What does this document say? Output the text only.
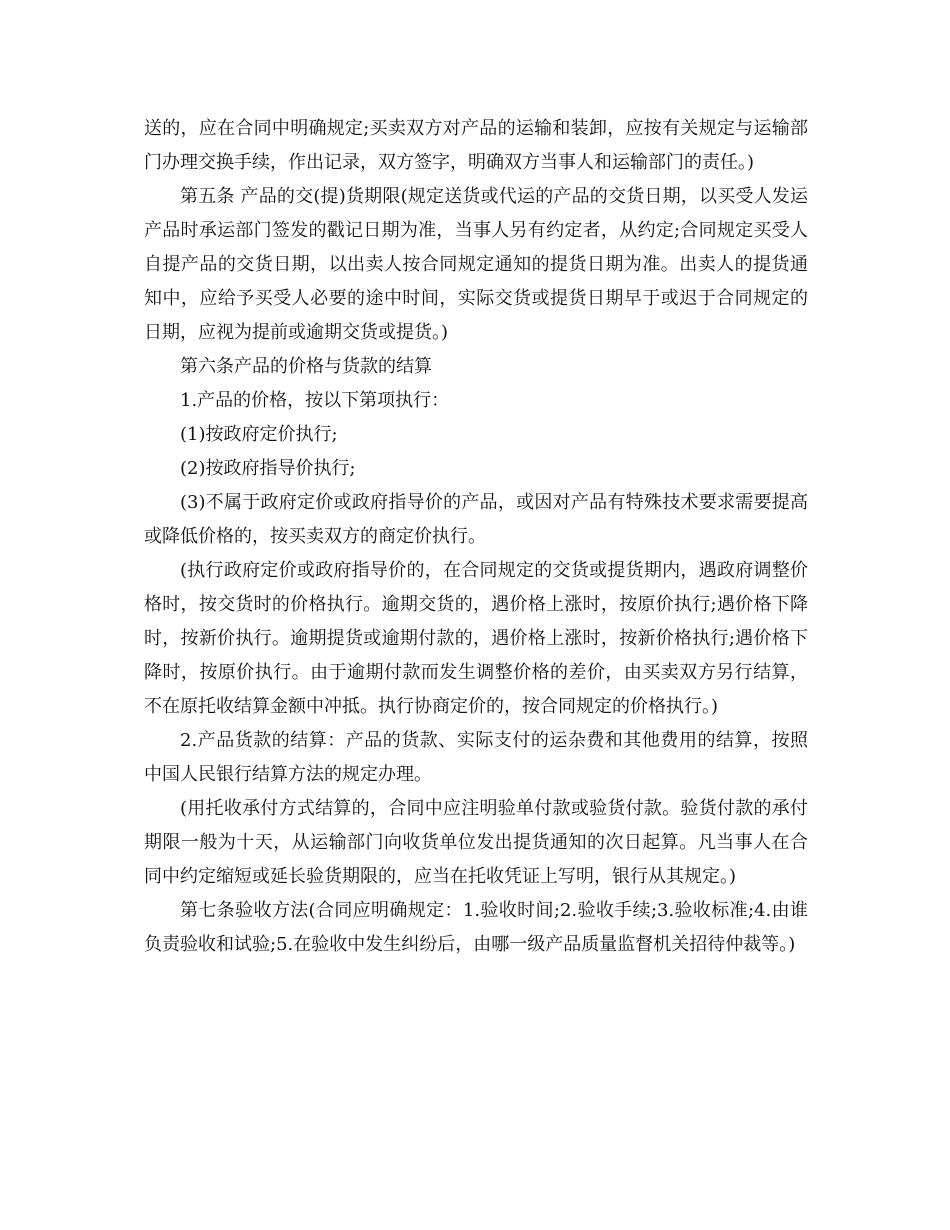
送的，应在合同中明确规定;买卖双方对产品的运输和装卸，应按有关规定与运输部门办理交换手续，作出记录，双方签字，明确双方当事人和运输部门的责任。)

第五条 产品的交(提)货期限(规定送货或代运的产品的交货日期，以买受人发运产品时承运部门签发的戳记日期为准，当事人另有约定者，从约定;合同规定买受人自提产品的交货日期，以出卖人按合同规定通知的提货日期为准。出卖人的提货通知中，应给予买受人必要的途中时间，实际交货或提货日期早于或迟于合同规定的日期，应视为提前或逾期交货或提货。)

第六条产品的价格与货款的结算

1.产品的价格，按以下第项执行：

(1)按政府定价执行;

(2)按政府指导价执行;

(3)不属于政府定价或政府指导价的产品，或因对产品有特殊技术要求需要提高或降低价格的，按买卖双方的商定价执行。

(执行政府定价或政府指导价的，在合同规定的交货或提货期内，遇政府调整价格时，按交货时的价格执行。逾期交货的，遇价格上涨时，按原价执行;遇价格下降时，按新价执行。逾期提货或逾期付款的，遇价格上涨时，按新价格执行;遇价格下降时，按原价执行。由于逾期付款而发生调整价格的差价，由买卖双方另行结算，不在原托收结算金额中冲抵。执行协商定价的，按合同规定的价格执行。)

2.产品货款的结算：产品的货款、实际支付的运杂费和其他费用的结算，按照中国人民银行结算方法的规定办理。

(用托收承付方式结算的，合同中应注明验单付款或验货付款。验货付款的承付期限一般为十天，从运输部门向收货单位发出提货通知的次日起算。凡当事人在合同中约定缩短或延长验货期限的，应当在托收凭证上写明，银行从其规定。)

第七条验收方法(合同应明确规定：1.验收时间;2.验收手续;3.验收标准;4.由谁负责验收和试验;5.在验收中发生纠纷后，由哪一级产品质量监督机关招待仲裁等。)
